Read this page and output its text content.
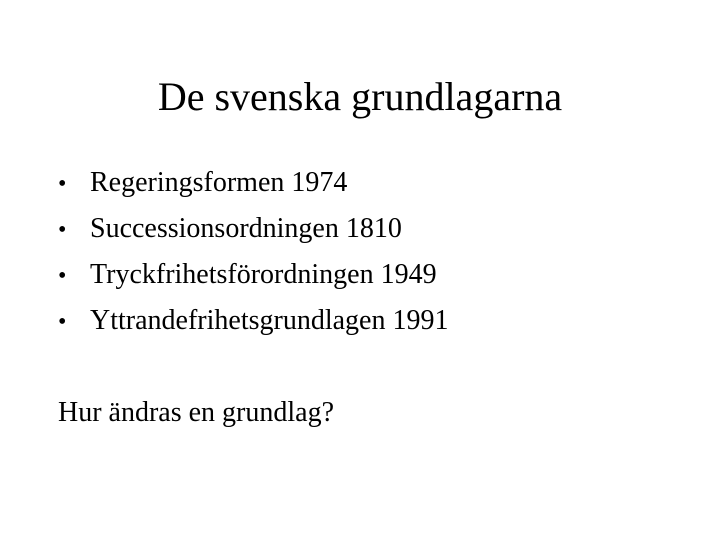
De svenska grundlagarna
• Regeringsformen 1974
• Successionsordningen 1810
• Tryckfrihetsförordningen 1949
• Yttrandefrihetsgrundlagen 1991
Hur ändras en grundlag?
